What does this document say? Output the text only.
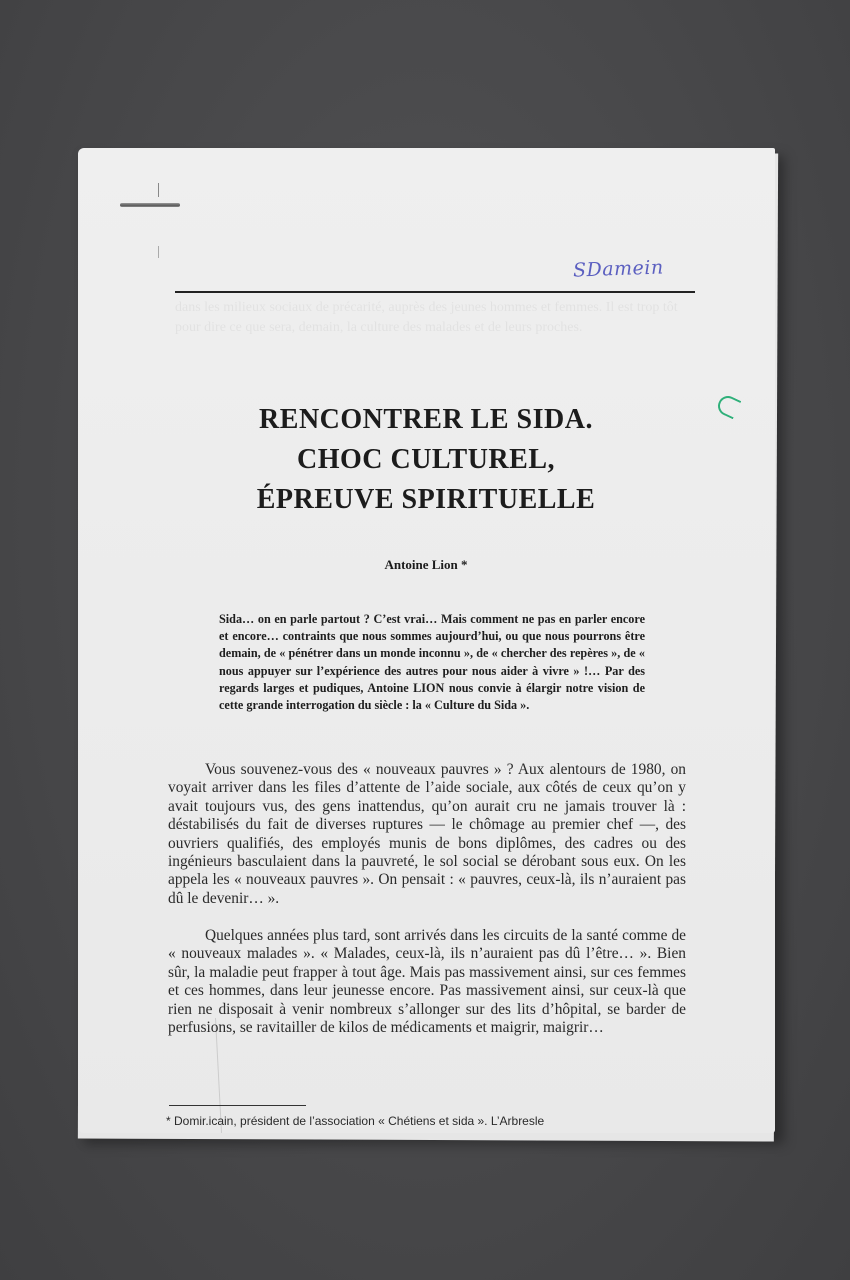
dans les milieux sociaux de précarité, auprès des jeunes hommes et femmes. Il est trop tôt pour dire ce que sera, demain, la culture des malades et de leurs proches.
SDamein
RENCONTRER LE SIDA.
CHOC CULTUREL,
ÉPREUVE SPIRITUELLE
Antoine Lion *
Sida… on en parle partout ? C’est vrai… Mais comment ne pas en parler encore et encore… contraints que nous sommes aujourd’hui, ou que nous pourrons être demain, de « pénétrer dans un monde inconnu », de « chercher des repères », de « nous appuyer sur l’expérience des autres pour nous aider à vivre » !… Par des regards larges et pudiques, Antoine LION nous convie à élargir notre vision de cette grande interrogation du siècle : la « Culture du Sida ».

Vous souvenez-vous des « nouveaux pauvres » ? Aux alentours de 1980, on voyait arriver dans les files d’attente de l’aide sociale, aux côtés de ceux qu’on y avait toujours vus, des gens inattendus, qu’on aurait cru ne jamais trouver là : déstabilisés du fait de diverses ruptures — le chômage au premier chef —, des ouvriers qualifiés, des employés munis de bons diplômes, des cadres ou des ingénieurs basculaient dans la pauvreté, le sol social se dérobant sous eux. On les appela les « nouveaux pauvres ». On pensait : « pauvres, ceux-là, ils n’auraient pas dû le devenir… ».

Quelques années plus tard, sont arrivés dans les circuits de la santé comme de « nouveaux malades ». « Malades, ceux-là, ils n’auraient pas dû l’être… ». Bien sûr, la maladie peut frapper à tout âge. Mais pas massivement ainsi, sur ces femmes et ces hommes, dans leur jeunesse encore. Pas massivement ainsi, sur ceux-là que rien ne disposait à venir nombreux s’allonger sur des lits d’hôpital, se barder de perfusions, se ravitailler de kilos de médicaments et maigrir, maigrir…

* Domir.icain, président de l’association « Chétiens et sida ». L’Arbresle
